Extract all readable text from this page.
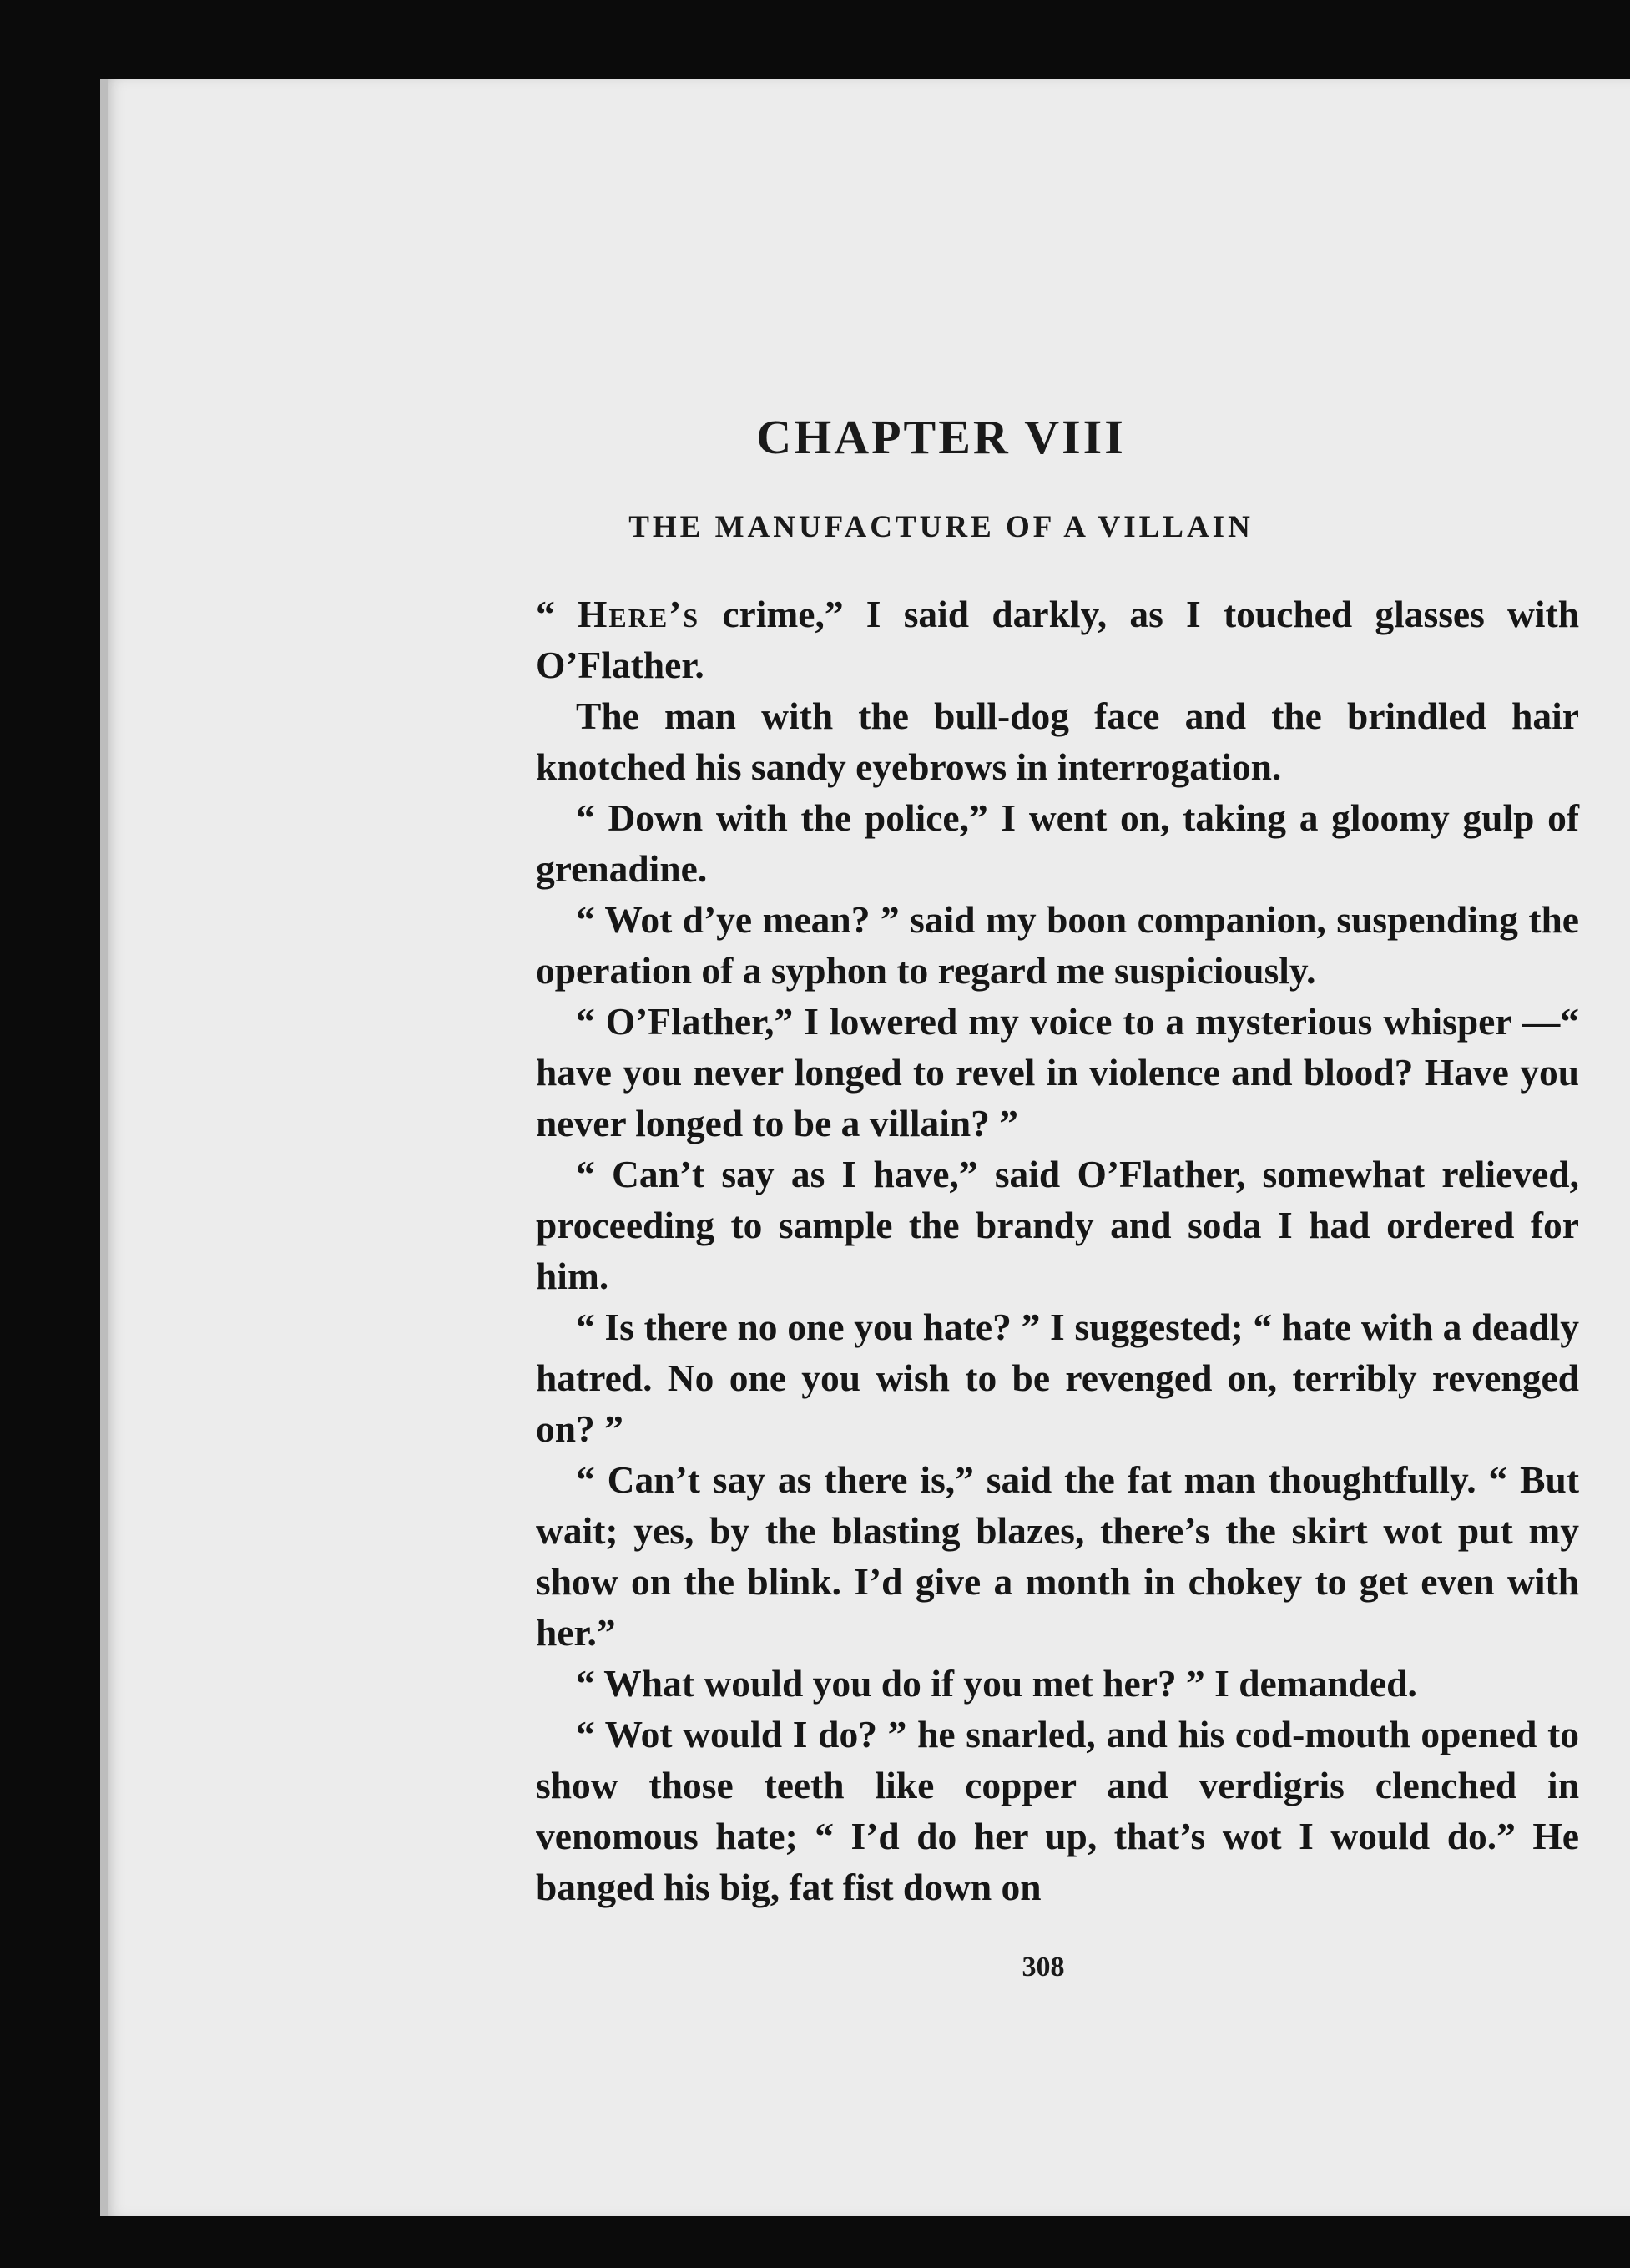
CHAPTER VIII
THE MANUFACTURE OF A VILLAIN

“ Here’s crime,” I said darkly, as I touched glasses with O’Flather.

The man with the bull-dog face and the brindled hair knotched his sandy eyebrows in interrogation.

“ Down with the police,” I went on, taking a gloomy gulp of grenadine.

“ Wot d’ye mean? ” said my boon companion, suspending the operation of a syphon to regard me suspiciously.

“ O’Flather,” I lowered my voice to a mysterious whisper —“ have you never longed to revel in violence and blood? Have you never longed to be a villain? ”

“ Can’t say as I have,” said O’Flather, somewhat relieved, proceeding to sample the brandy and soda I had ordered for him.

“ Is there no one you hate? ” I suggested; “ hate with a deadly hatred. No one you wish to be revenged on, terribly revenged on? ”

“ Can’t say as there is,” said the fat man thoughtfully. “ But wait; yes, by the blasting blazes, there’s the skirt wot put my show on the blink. I’d give a month in chokey to get even with her.”

“ What would you do if you met her? ” I demanded.

“ Wot would I do? ” he snarled, and his cod-mouth opened to show those teeth like copper and verdigris clenched in venomous hate; “ I’d do her up, that’s wot I would do.” He banged his big, fat fist down on

308
